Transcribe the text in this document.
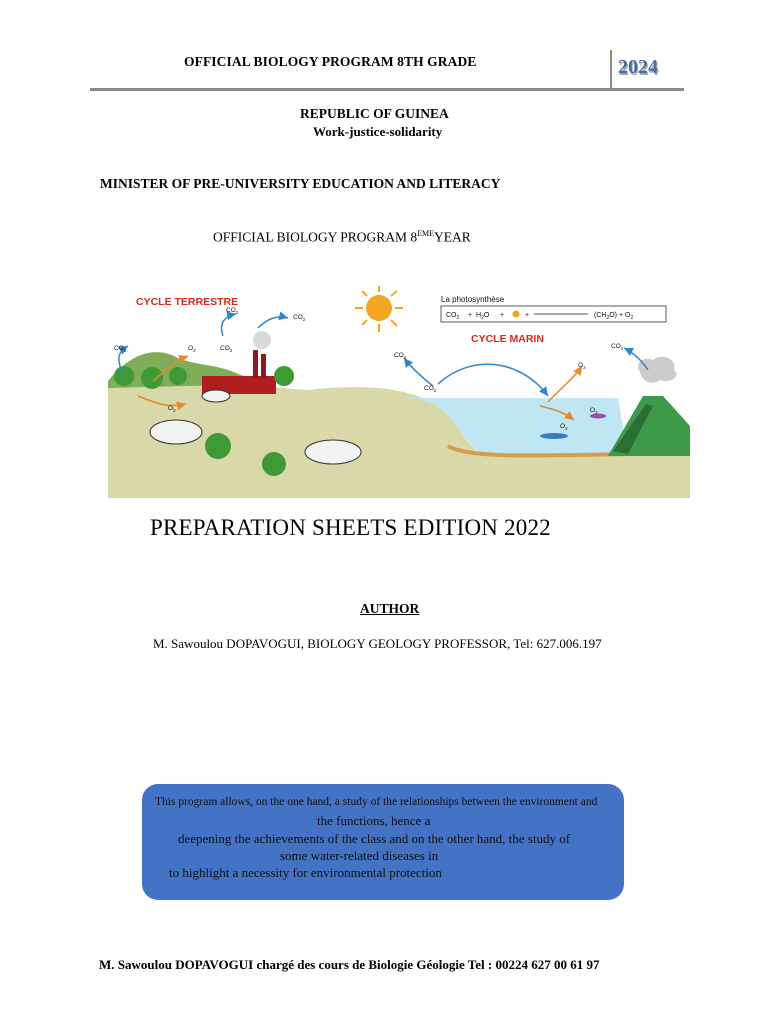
OFFICIAL BIOLOGY PROGRAM 8TH GRADE	2024
REPUBLIC OF GUINEA
Work-justice-solidarity
MINISTER OF PRE-UNIVERSITY EDUCATION AND LITERACY
OFFICIAL BIOLOGY PROGRAM 8EMEYEAR
CYCLE TERRESTRE
CYCLE MARIN
La photosynthèse
$CO_2 + H_2O$ +	+	$(CH_2O) + O_2$
$CO_2$
$CO_2$
$CO_2$	$O_2$	$CO_2$
$O_2$
$CO_2$
$CO_2$
$O_2$
$O_2$
$O_2$
$CO_2$
PREPARATION SHEETS EDITION 2022
AUTHOR
M. Sawoulou DOPAVOGUI, BIOLOGY GEOLOGY PROFESSOR, Tel: 627.006.197
This program allows, on the one hand, a study of the relationships between the environment and
the functions, hence a
deepening the achievements of the class and on the other hand, the study of
some water-related diseases in
to highlight a necessity for environmental protection
M. Sawoulou DOPAVOGUI chargé des cours de Biologie Géologie Tel : 00224 627 00 61 97
